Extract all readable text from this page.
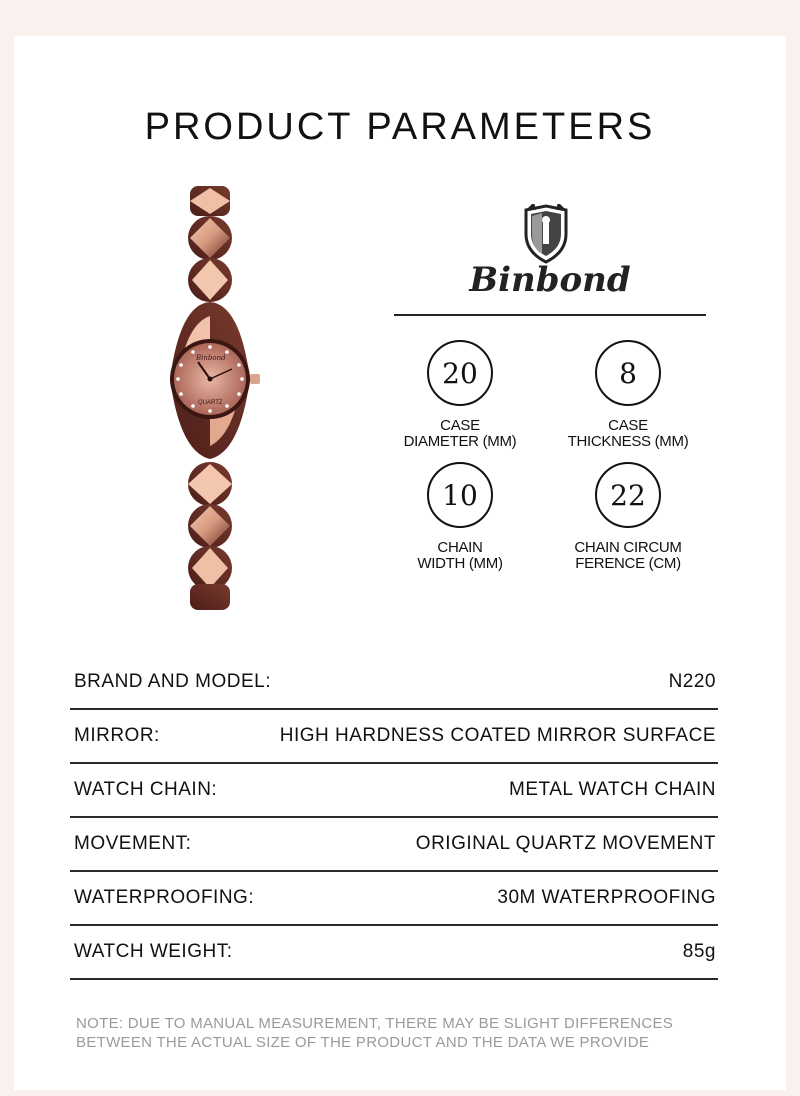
PRODUCT PARAMETERS
Binbond
QUARTZ
Binbond
20
CASE
DIAMETER (MM)
8
CASE
THICKNESS (MM)
10
CHAIN
WIDTH (MM)
22
CHAIN CIRCUM
FERENCE (CM)
BRAND AND MODEL:	N220
MIRROR:	HIGH HARDNESS COATED MIRROR SURFACE
WATCH CHAIN:	METAL WATCH CHAIN
MOVEMENT:	ORIGINAL QUARTZ MOVEMENT
WATERPROOFING:	30M WATERPROOFING
WATCH WEIGHT:	85g
NOTE: DUE TO MANUAL MEASUREMENT, THERE MAY BE SLIGHT DIFFERENCES BETWEEN THE ACTUAL SIZE OF THE PRODUCT AND THE DATA WE PROVIDE
